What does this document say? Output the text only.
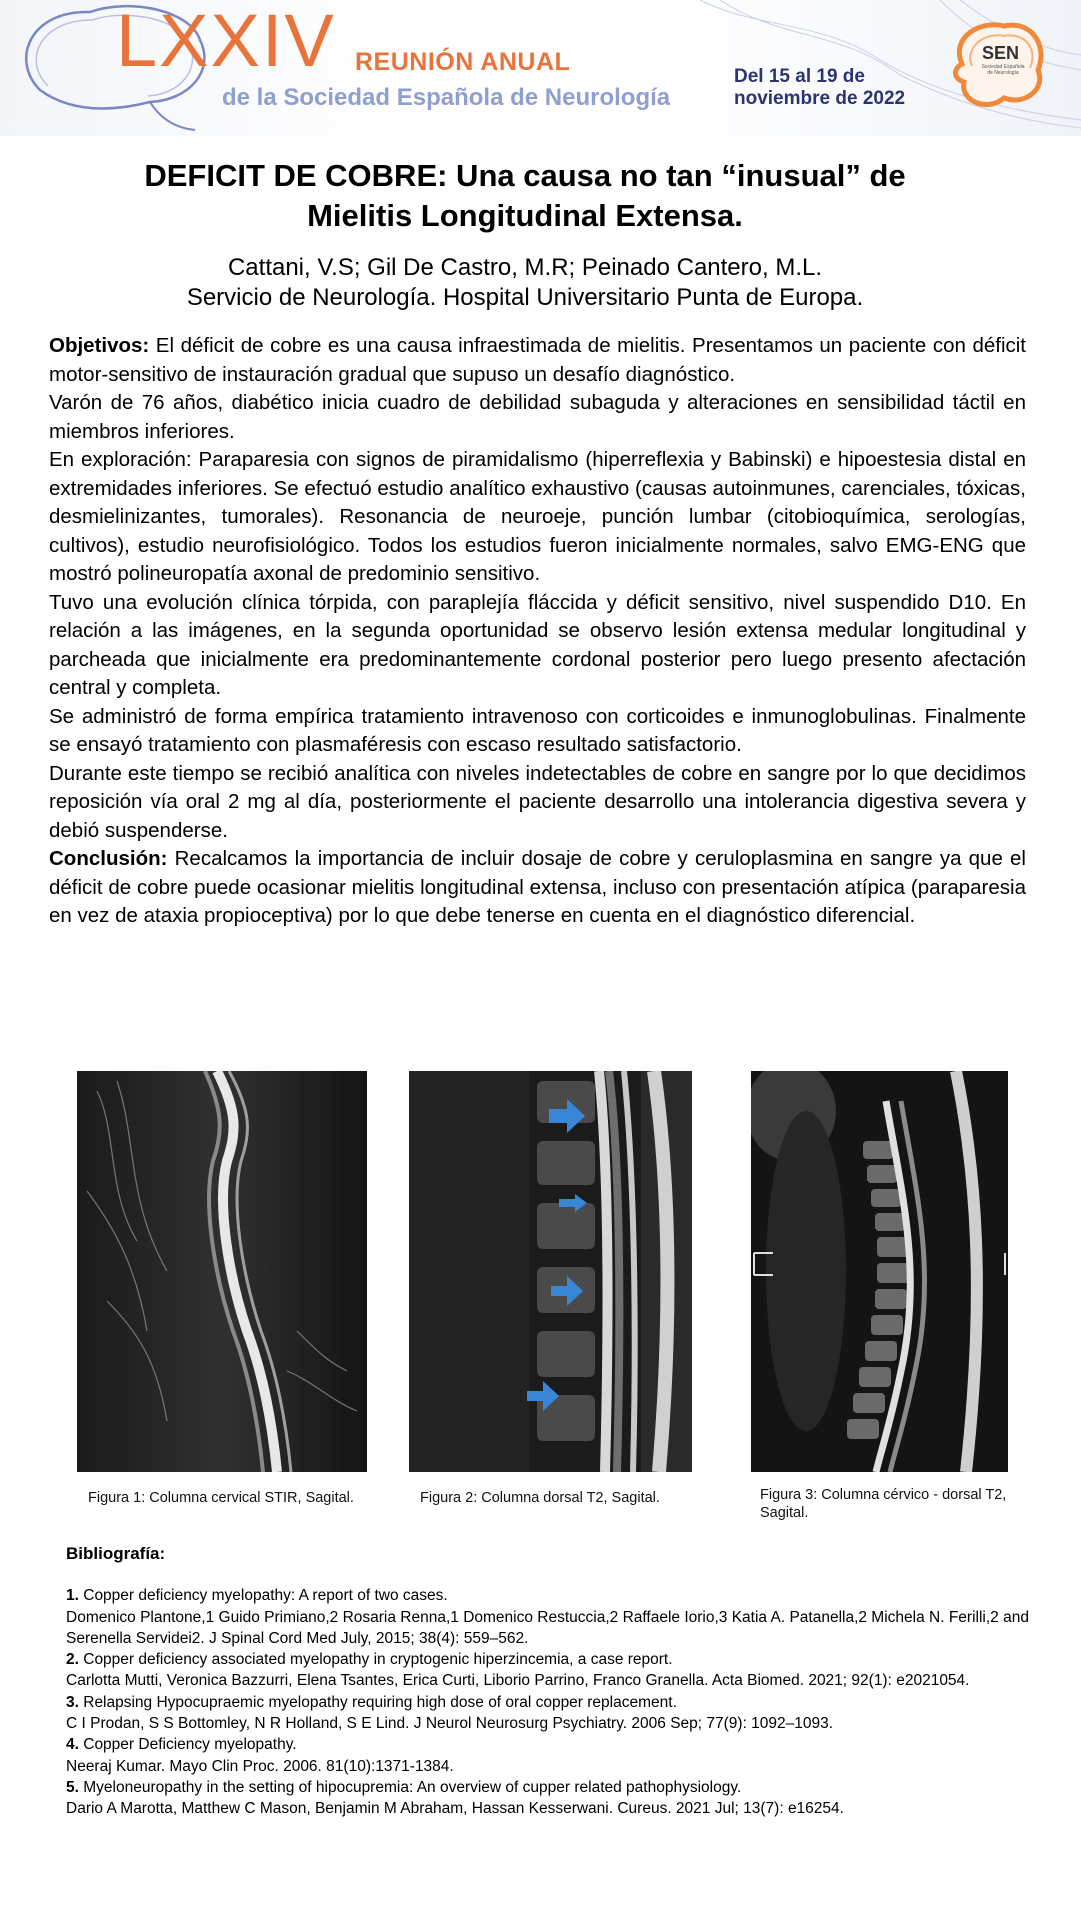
LXXIV REUNIÓN ANUAL
de la Sociedad Española de Neurología
Del 15 al 19 de
noviembre de 2022
SEN
Sociedad Española de Neurología
DEFICIT DE COBRE: Una causa no tan “inusual” de
Mielitis Longitudinal Extensa.
Cattani, V.S; Gil De Castro, M.R; Peinado Cantero, M.L.
Servicio de Neurología. Hospital Universitario Punta de Europa.

Objetivos: El déficit de cobre es una causa infraestimada de mielitis. Presentamos un paciente con déficit motor-sensitivo de instauración gradual que supuso un desafío diagnóstico.

Varón de 76 años, diabético inicia cuadro de debilidad subaguda y alteraciones en sensibilidad táctil en miembros inferiores.

En exploración: Paraparesia con signos de piramidalismo (hiperreflexia y Babinski) e hipoestesia distal en extremidades inferiores. Se efectuó estudio analítico exhaustivo (causas autoinmunes, carenciales, tóxicas, desmielinizantes, tumorales). Resonancia de neuroeje, punción lumbar (citobioquímica, serologías, cultivos), estudio neurofisiológico. Todos los estudios fueron inicialmente normales, salvo EMG-ENG que mostró polineuropatía axonal de predominio sensitivo.

Tuvo una evolución clínica tórpida, con paraplejía fláccida y déficit sensitivo, nivel suspendido D10. En relación a las imágenes, en la segunda oportunidad se observo lesión extensa medular longitudinal y parcheada que inicialmente era predominantemente cordonal posterior pero luego presento afectación central y completa.

Se administró de forma empírica tratamiento intravenoso con corticoides e inmunoglobulinas. Finalmente se ensayó tratamiento con plasmaféresis con escaso resultado satisfactorio.

Durante este tiempo se recibió analítica con niveles indetectables de cobre en sangre por lo que decidimos reposición vía oral 2 mg al día, posteriormente el paciente desarrollo una intolerancia digestiva severa y debió suspenderse.

Conclusión: Recalcamos la importancia de incluir dosaje de cobre y ceruloplasmina en sangre ya que el déficit de cobre puede ocasionar mielitis longitudinal extensa, incluso con presentación atípica (paraparesia en vez de ataxia propioceptiva) por lo que debe tenerse en cuenta en el diagnóstico diferencial.

Figura 1: Columna cervical STIR, Sagital.	Figura 2: Columna dorsal T2, Sagital.	Figura 3: Columna cérvico - dorsal T2, Sagital.
Bibliografía:

1. Copper deficiency myelopathy: A report of two cases.

Domenico Plantone,1 Guido Primiano,2 Rosaria Renna,1 Domenico Restuccia,2 Raffaele Iorio,3 Katia A. Patanella,2 Michela N. Ferilli,2 and Serenella Servidei2. J Spinal Cord Med July, 2015; 38(4): 559–562.

2. Copper deficiency associated myelopathy in cryptogenic hiperzincemia, a case report.

Carlotta Mutti, Veronica Bazzurri, Elena Tsantes, Erica Curti, Liborio Parrino, Franco Granella. Acta Biomed. 2021; 92(1): e2021054.

3. Relapsing Hypocupraemic myelopathy requiring high dose of oral copper replacement.

C I Prodan, S S Bottomley, N R Holland, S E Lind. J Neurol Neurosurg Psychiatry. 2006 Sep; 77(9): 1092–1093.

4. Copper Deficiency myelopathy.

Neeraj Kumar. Mayo Clin Proc. 2006. 81(10):1371-1384.

5. Myeloneuropathy in the setting of hipocupremia: An overview of cupper related pathophysiology.

Dario A Marotta, Matthew C Mason, Benjamin M Abraham, Hassan Kesserwani. Cureus. 2021 Jul; 13(7): e16254.
